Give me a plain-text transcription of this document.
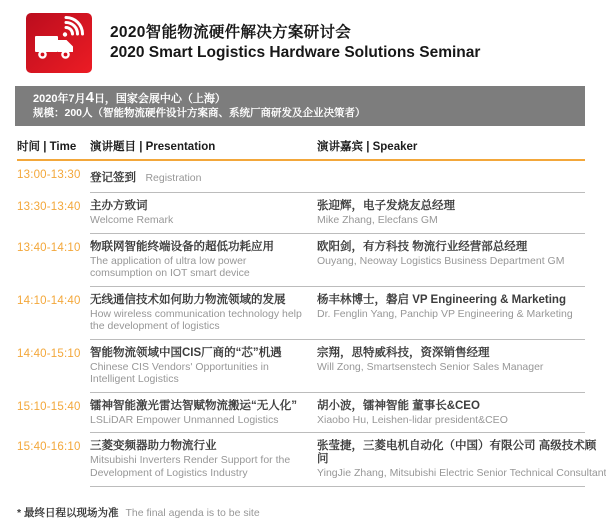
2020智能物流硬件解决方案研讨会
2020 Smart Logistics Hardware Solutions Seminar
2020年7月4日，国家会展中心（上海）
规模：200人（智能物流硬件设计方案商、系统厂商研发及企业决策者）
时间 | Time	演讲题目 | Presentation	演讲嘉宾 | Speaker
13:00-13:30 登记签到 Registration
13:30-13:40 主办方致词
Welcome Remark
张迎辉，电子发烧友总经理
Mike Zhang, Elecfans GM
13:40-14:10 物联网智能终端设备的超低功耗应用
The application of ultra low power comsumption on IOT smart device
欧阳剑，有方科技 物流行业经营部总经理
Ouyang, Neoway Logistics Business Department GM
14:10-14:40 无线通信技术如何助力物流领域的发展
How wireless communication technology help the development of logistics
杨丰林博士，磐启 VP Engineering & Marketing
Dr. Fenglin Yang, Panchip VP Engineering & Marketing
14:40-15:10 智能物流领域中国CIS厂商的“芯”机遇
Chinese CIS Vendors' Opportunities in Intelligent Logistics
宗翔，思特威科技，资深销售经理
Will Zong, Smartsenstech Senior Sales Manager
15:10-15:40 镭神智能激光雷达智赋物流搬运“无人化”
LSLiDAR Empower Unmanned Logistics
胡小波，镭神智能 董事长&CEO
Xiaobo Hu, Leishen-lidar president&CEO
15:40-16:10 三菱变频器助力物流行业
Mitsubishi Inverters Render Support for the Development of Logistics Industry
张莹捷，三菱电机自动化（中国）有限公司 高级技术顾问
YingJie Zhang, Mitsubishi Electric Senior Technical Consultant
* 最终日程以现场为准 The final agenda is to be site
